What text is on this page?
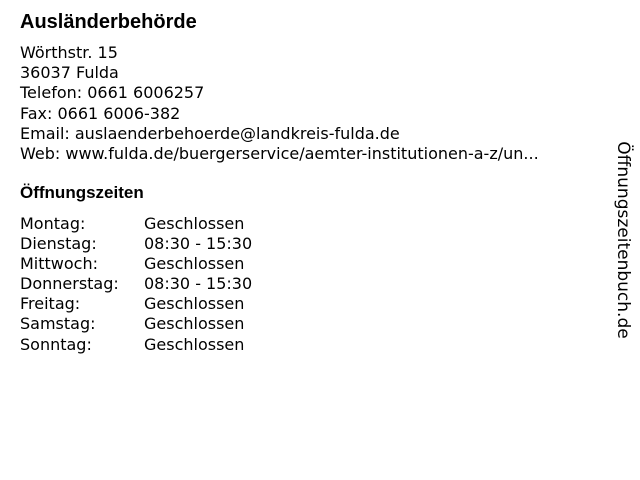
Ausländerbehörde
Wörthstr. 15
36037 Fulda
Telefon: 0661 6006257
Fax: 0661 6006-382
Email: auslaenderbehoerde@landkreis-fulda.de
Web: www.fulda.de/buergerservice/aemter-institutionen-a-z/un...
Öffnungszeiten
Montag:	Geschlossen
Dienstag:	08:30 - 15:30
Mittwoch:	Geschlossen
Donnerstag: 08:30 - 15:30
Freitag:	Geschlossen
Samstag:	Geschlossen
Sonntag:	Geschlossen
Öffnungszeitenbuch.de
